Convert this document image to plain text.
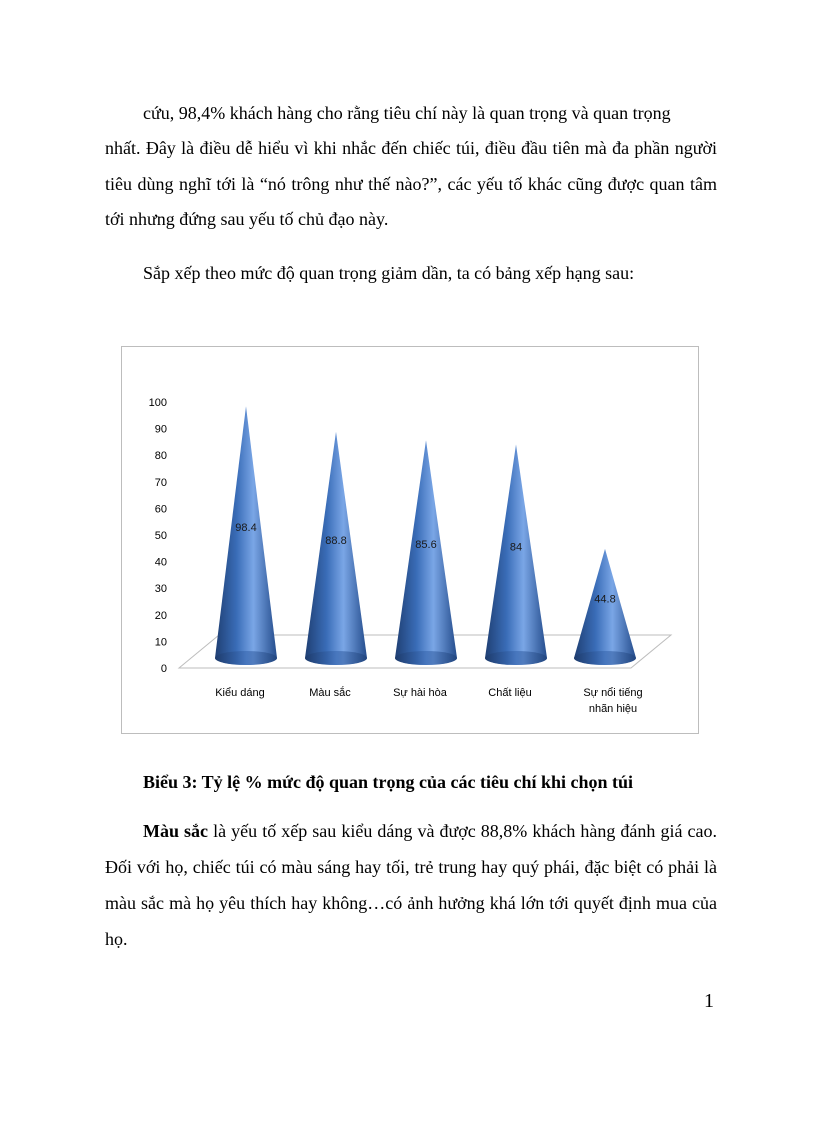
cứu, 98,4% khách hàng cho rằng tiêu chí này là quan trọng và quan trọng

nhất. Đây là điều dễ hiểu vì khi nhắc đến chiếc túi, điều đầu tiên mà đa phần người tiêu dùng nghĩ tới là “nó trông như thế nào?”, các yếu tố khác cũng được quan tâm tới nhưng đứng sau yếu tố chủ đạo này.

Sắp xếp theo mức độ quan trọng giảm dần, ta có bảng xếp hạng sau:

0
10
20
30
40
50
60
70
80
90
100
98.4
88.8	85.6	84
44.8
Kiểu dáng	Màu sắc	Sự hài hòa	Chất liệu	Sự nổi tiếng
nhãn hiệu

Biểu 3: Tỷ lệ % mức độ quan trọng của các tiêu chí khi chọn túi

Màu sắc là yếu tố xếp sau kiểu dáng và được 88,8% khách hàng đánh giá cao. Đối với họ, chiếc túi có màu sáng hay tối, trẻ trung hay quý phái, đặc biệt có phải là màu sắc mà họ yêu thích hay không…có ảnh hưởng khá lớn tới quyết định mua của họ.

1
